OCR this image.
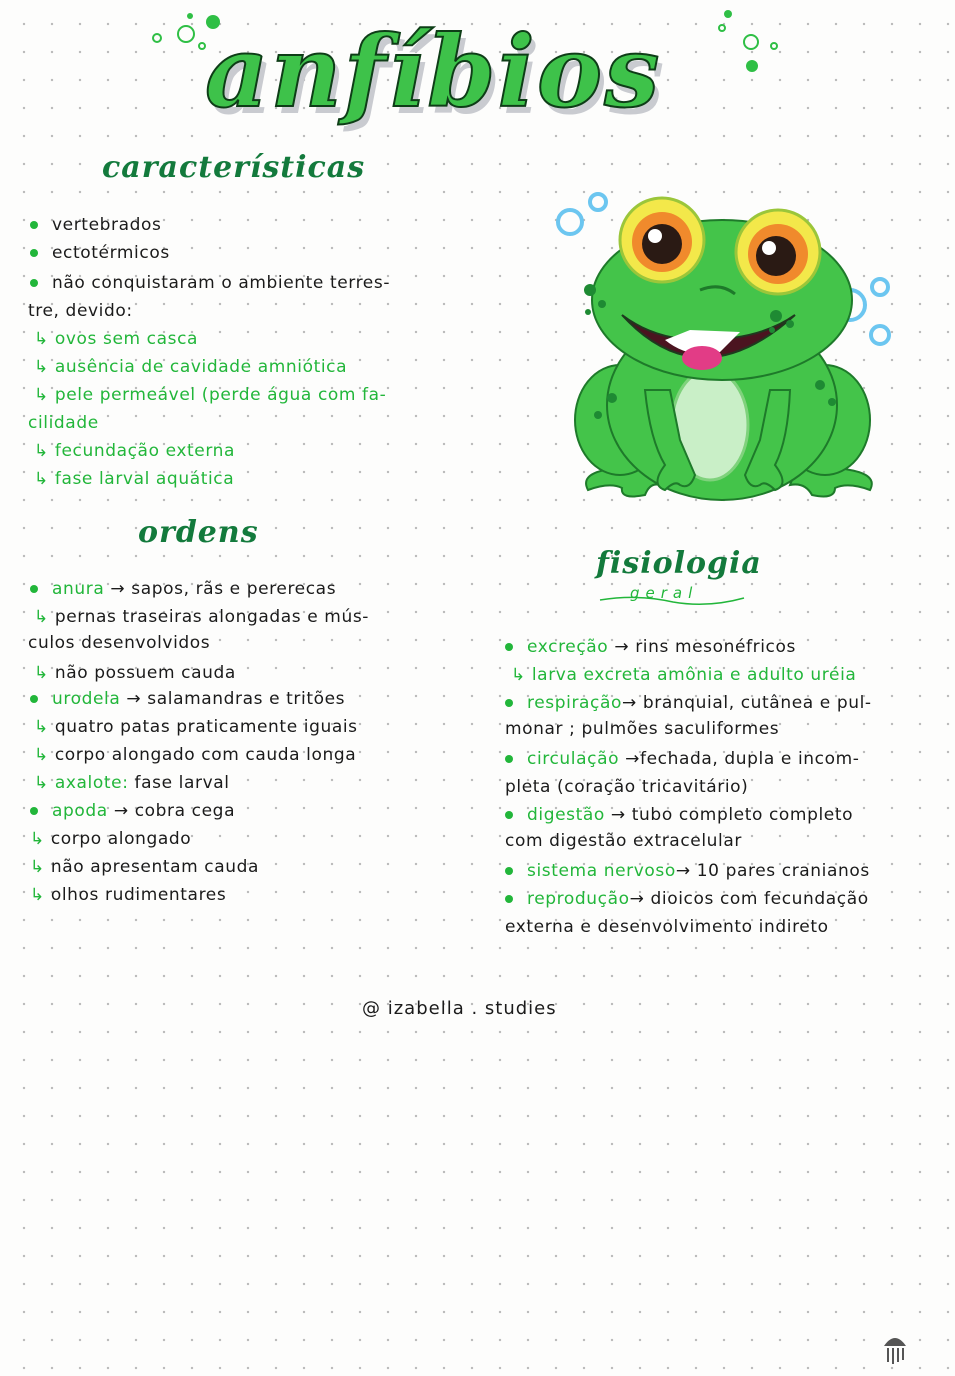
anfíbios
características
vertebrados
ectotérmicos
não conquistaram o ambiente terres-
tre, devido:
↳ ovos sem casca
↳ ausência de cavidade amniótica
↳ pele permeável (perde água com fa-
cilidade
↳ fecundação externa
↳ fase larval aquática
ordens
anura → sapos, rãs e pererecas
↳ pernas traseiras alongadas e mús-
culos desenvolvidos
↳ não possuem cauda
urodela → salamandras e tritões
↳ quatro patas praticamente iguais
↳ corpo alongado com cauda longa
↳ axalote: fase larval
apoda → cobra cega
↳ corpo alongado
↳ não apresentam cauda
↳ olhos rudimentares
fisiologia
geral
excreção → rins mesonéfricos
↳ larva excreta amônia e adulto uréia
respiração→ branquial, cutânea e pul-
monar ; pulmões saculiformes
circulação →fechada, dupla e incom-
pleta (coração tricavitário)
digestão → tubo completo completo
com digestão extracelular
sistema nervoso→ 10 pares cranianos
reprodução→ dioicos com fecundação
externa e desenvolvimento indireto
@ izabella . studies
